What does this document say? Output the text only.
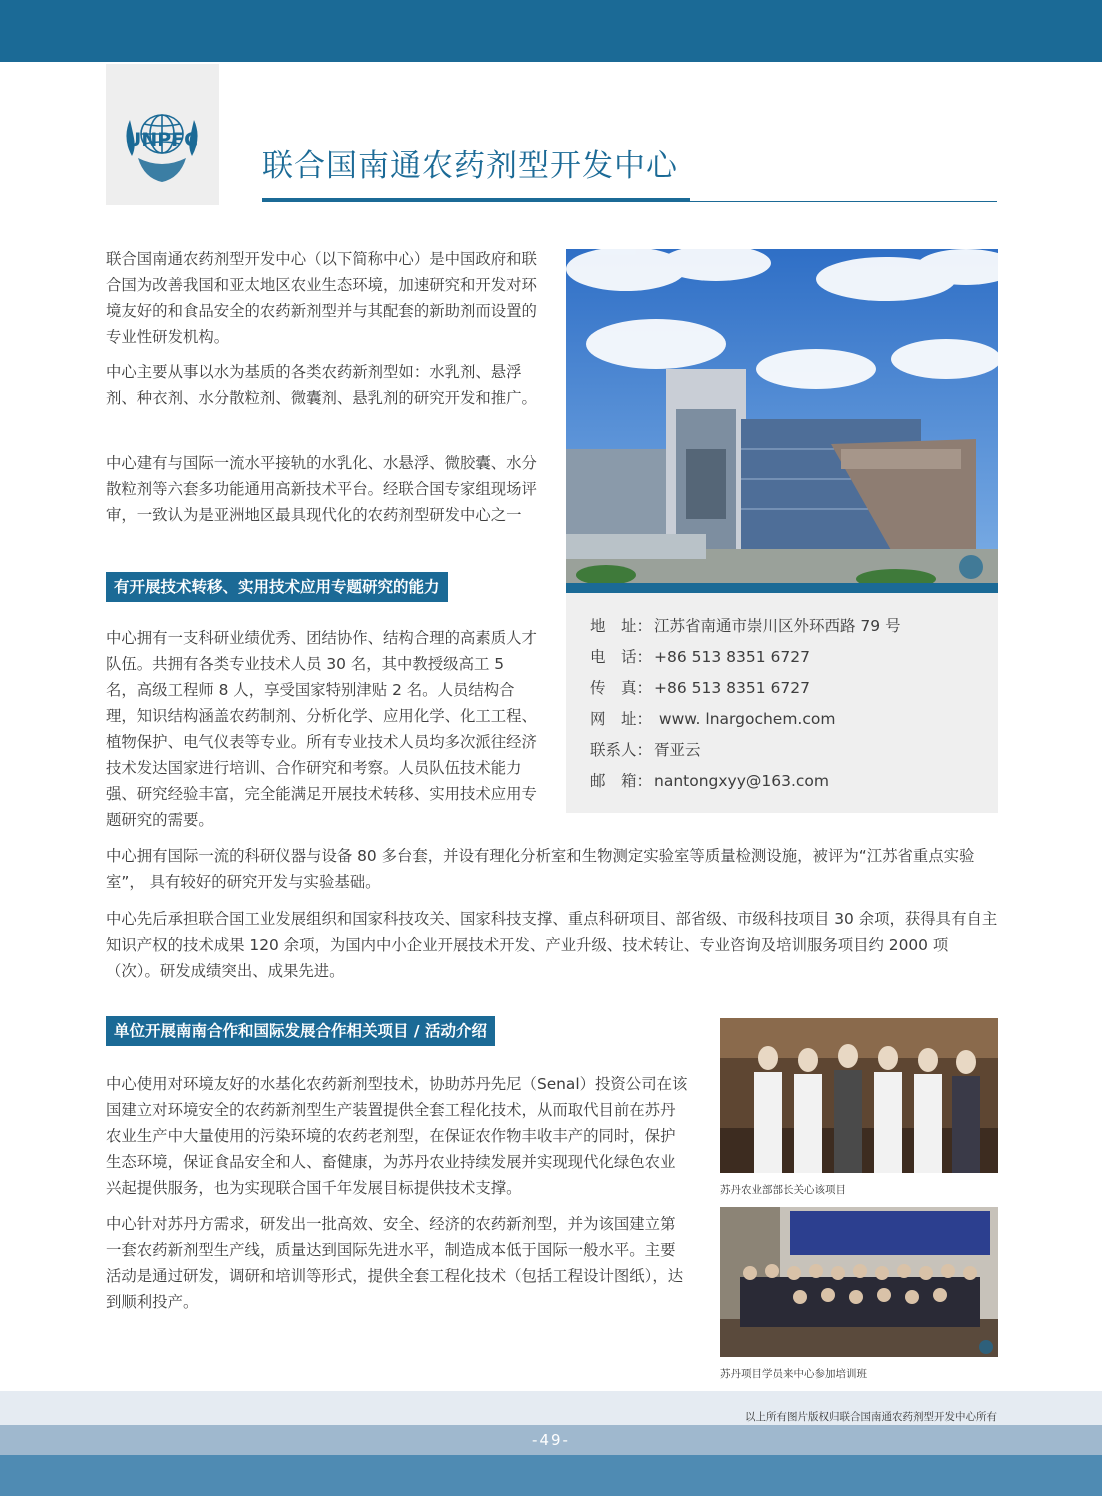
UNPFC
联合国南通农药剂型开发中心
联合国南通农药剂型开发中心（以下简称中心）是中国政府和联合国为改善我国和亚太地区农业生态环境，加速研究和开发对环境友好的和食品安全的农药新剂型并与其配套的新助剂而设置的专业性研发机构。
中心主要从事以水为基质的各类农药新剂型如：水乳剂、悬浮剂、种衣剂、水分散粒剂、微囊剂、悬乳剂的研究开发和推广。
中心建有与国际一流水平接轨的水乳化、水悬浮、微胶囊、水分散粒剂等六套多功能通用高新技术平台。经联合国专家组现场评审，一致认为是亚洲地区最具现代化的农药剂型研发中心之一
有开展技术转移、实用技术应用专题研究的能力
中心拥有一支科研业绩优秀、团结协作、结构合理的高素质人才队伍。共拥有各类专业技术人员 30 名，其中教授级高工 5 名，高级工程师 8 人，享受国家特别津贴 2 名。人员结构合理，知识结构涵盖农药制剂、分析化学、应用化学、化工工程、植物保护、电气仪表等专业。所有专业技术人员均多次派往经济技术发达国家进行培训、合作研究和考察。人员队伍技术能力强、研究经验丰富，完全能满足开展技术转移、实用技术应用专题研究的需要。
地　址： 江苏省南通市崇川区外环西路 79 号
电　话： +86 513 8351 6727
传　真： +86 513 8351 6727
网　址： www. lnargochem.com
联系人： 胥亚云
邮　箱： nantongxyy@163.com
中心拥有国际一流的科研仪器与设备 80 多台套，并设有理化分析室和生物测定实验室等质量检测设施，被评为“江苏省重点实验室”， 具有较好的研究开发与实验基础。
中心先后承担联合国工业发展组织和国家科技攻关、国家科技支撑、重点科研项目、部省级、市级科技项目 30 余项，获得具有自主知识产权的技术成果 120 余项，为国内中小企业开展技术开发、产业升级、技术转让、专业咨询及培训服务项目约 2000 项（次）。研发成绩突出、成果先进。
单位开展南南合作和国际发展合作相关项目 / 活动介绍
中心使用对环境友好的水基化农药新剂型技术，协助苏丹先尼（Senal）投资公司在该国建立对环境安全的农药新剂型生产装置提供全套工程化技术，从而取代目前在苏丹农业生产中大量使用的污染环境的农药老剂型，在保证农作物丰收丰产的同时，保护生态环境，保证食品安全和人、畜健康，为苏丹农业持续发展并实现现代化绿色农业兴起提供服务，也为实现联合国千年发展目标提供技术支撑。
中心针对苏丹方需求，研发出一批高效、安全、经济的农药新剂型，并为该国建立第一套农药新剂型生产线，质量达到国际先进水平，制造成本低于国际一般水平。主要活动是通过研发，调研和培训等形式，提供全套工程化技术（包括工程设计图纸），达到顺利投产。
苏丹农业部部长关心该项目
苏丹项目学员来中心参加培训班
以上所有图片版权归联合国南通农药剂型开发中心所有
-49-
